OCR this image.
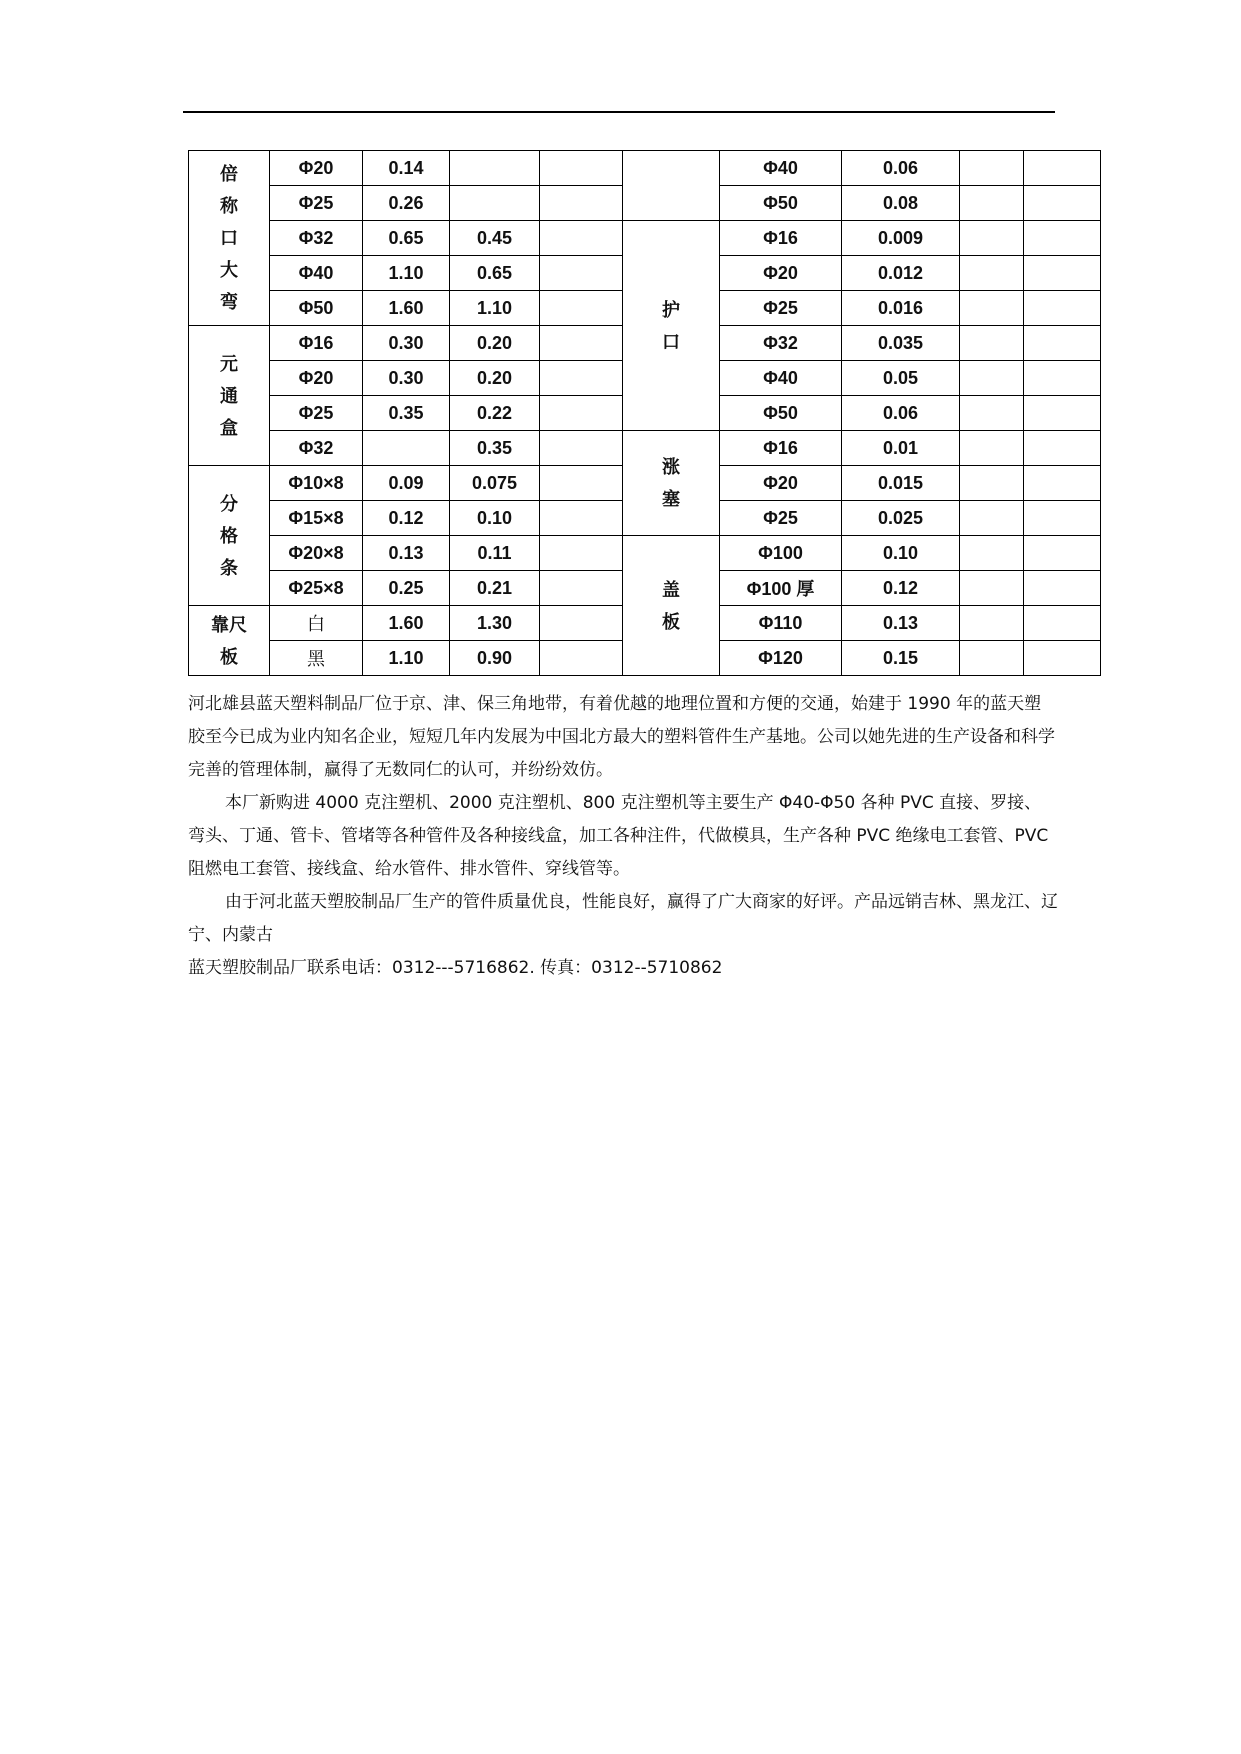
倍称口大弯	Φ20	0.14				Φ40	0.06		
	Φ25	0.26				Φ50	0.08		
	Φ32	0.65	0.45		护口	Φ16	0.009		
	Φ40	1.10	0.65			Φ20	0.012		
	Φ50	1.60	1.10			Φ25	0.016		
元通盒	Φ16	0.30	0.20			Φ32	0.035		
	Φ20	0.30	0.20			Φ40	0.05		
	Φ25	0.35	0.22			Φ50	0.06		
	Φ32		0.35		涨塞	Φ16	0.01		
分格条	Φ10×8	0.09	0.075			Φ20	0.015		
	Φ15×8	0.12	0.10			Φ25	0.025		
	Φ20×8	0.13	0.11		盖板	Φ100	0.10		
	Φ25×8	0.25	0.21			Φ100 厚	0.12		
靠尺板	白	1.60	1.30			Φ110	0.13		
	黑	1.10	0.90			Φ120	0.15		

河北雄县蓝天塑料制品厂位于京、津、保三角地带，有着优越的地理位置和方便的交通，始建于 1990 年的蓝天塑胶至今已成为业内知名企业，短短几年内发展为中国北方最大的塑料管件生产基地。公司以她先进的生产设备和科学完善的管理体制，赢得了无数同仁的认可，并纷纷效仿。

本厂新购进 4000 克注塑机、2000 克注塑机、800 克注塑机等主要生产 Φ40-Φ50 各种 PVC 直接、罗接、弯头、丁通、管卡、管堵等各种管件及各种接线盒，加工各种注件，代做模具，生产各种 PVC 绝缘电工套管、PVC 阻燃电工套管、接线盒、给水管件、排水管件、穿线管等。

由于河北蓝天塑胶制品厂生产的管件质量优良，性能良好，赢得了广大商家的好评。产品远销吉林、黑龙江、辽宁、内蒙古

蓝天塑胶制品厂联系电话：0312---5716862. 传真：0312--5710862
